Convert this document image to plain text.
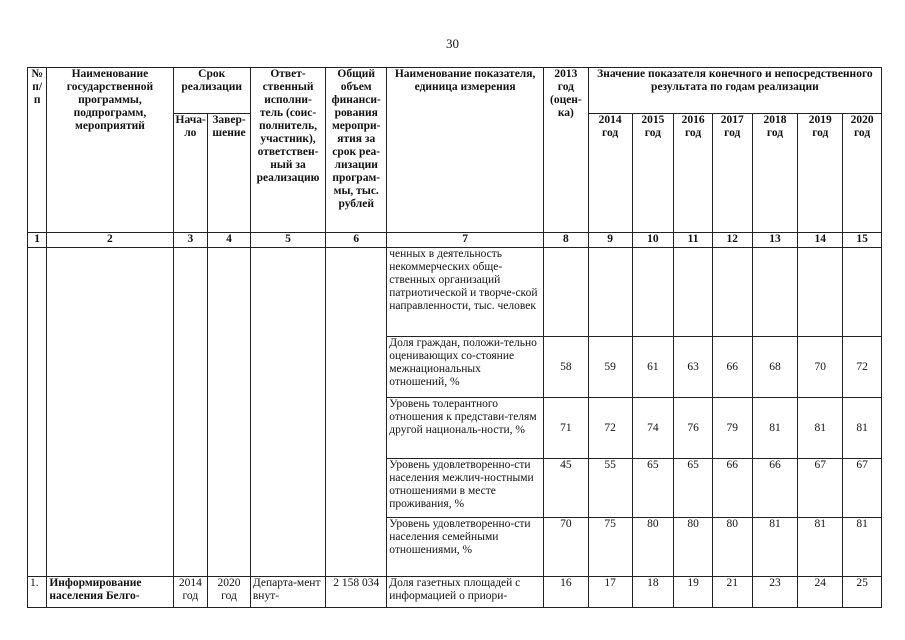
30
№ п/п	Наименование государственной программы, подпрограмм, мероприятий	Срок реализации		Ответ-ственный исполни-тель (соис-полнитель, участник), ответствен-ный за реализацию	Общий объем финанси-рования меропри-ятия за срок реа-лизации програм-мы, тыс. рублей	Наименование показателя, единица измерения	2013 год (оцен-ка)	Значение показателя конечного и непосредственного результата по годам реализации						
		Нача-ло	Завер-шение					2014 год	2015 год	2016 год	2017 год	2018 год	2019 год	2020 год
1	2	3	4	5	6	7	8	9	10	11	12	13	14	15
						ченных в деятельность некоммерческих обще-ственных организаций патриотической и творче-ской направленности, тыс. человек								
						Доля граждан, положи-тельно оценивающих со-стояние межнациональных отношений, %	58	59	61	63	66	68	70	72
						Уровень толерантного отношения к представи-телям другой националь-ности, %	71	72	74	76	79	81	81	81
						Уровень удовлетворенно-сти населения межлич-ностными отношениями в месте проживания, %	45	55	65	65	66	66	67	67
						Уровень удовлетворенно-сти населения семейными отношениями, %	70	75	80	80	80	81	81	81
1.	Информирование населения Белго-	2014 год	2020 год	Департа-мент внут-	2 158 034	Доля газетных площадей с информацией о приори-	16	17	18	19	21	23	24	25
